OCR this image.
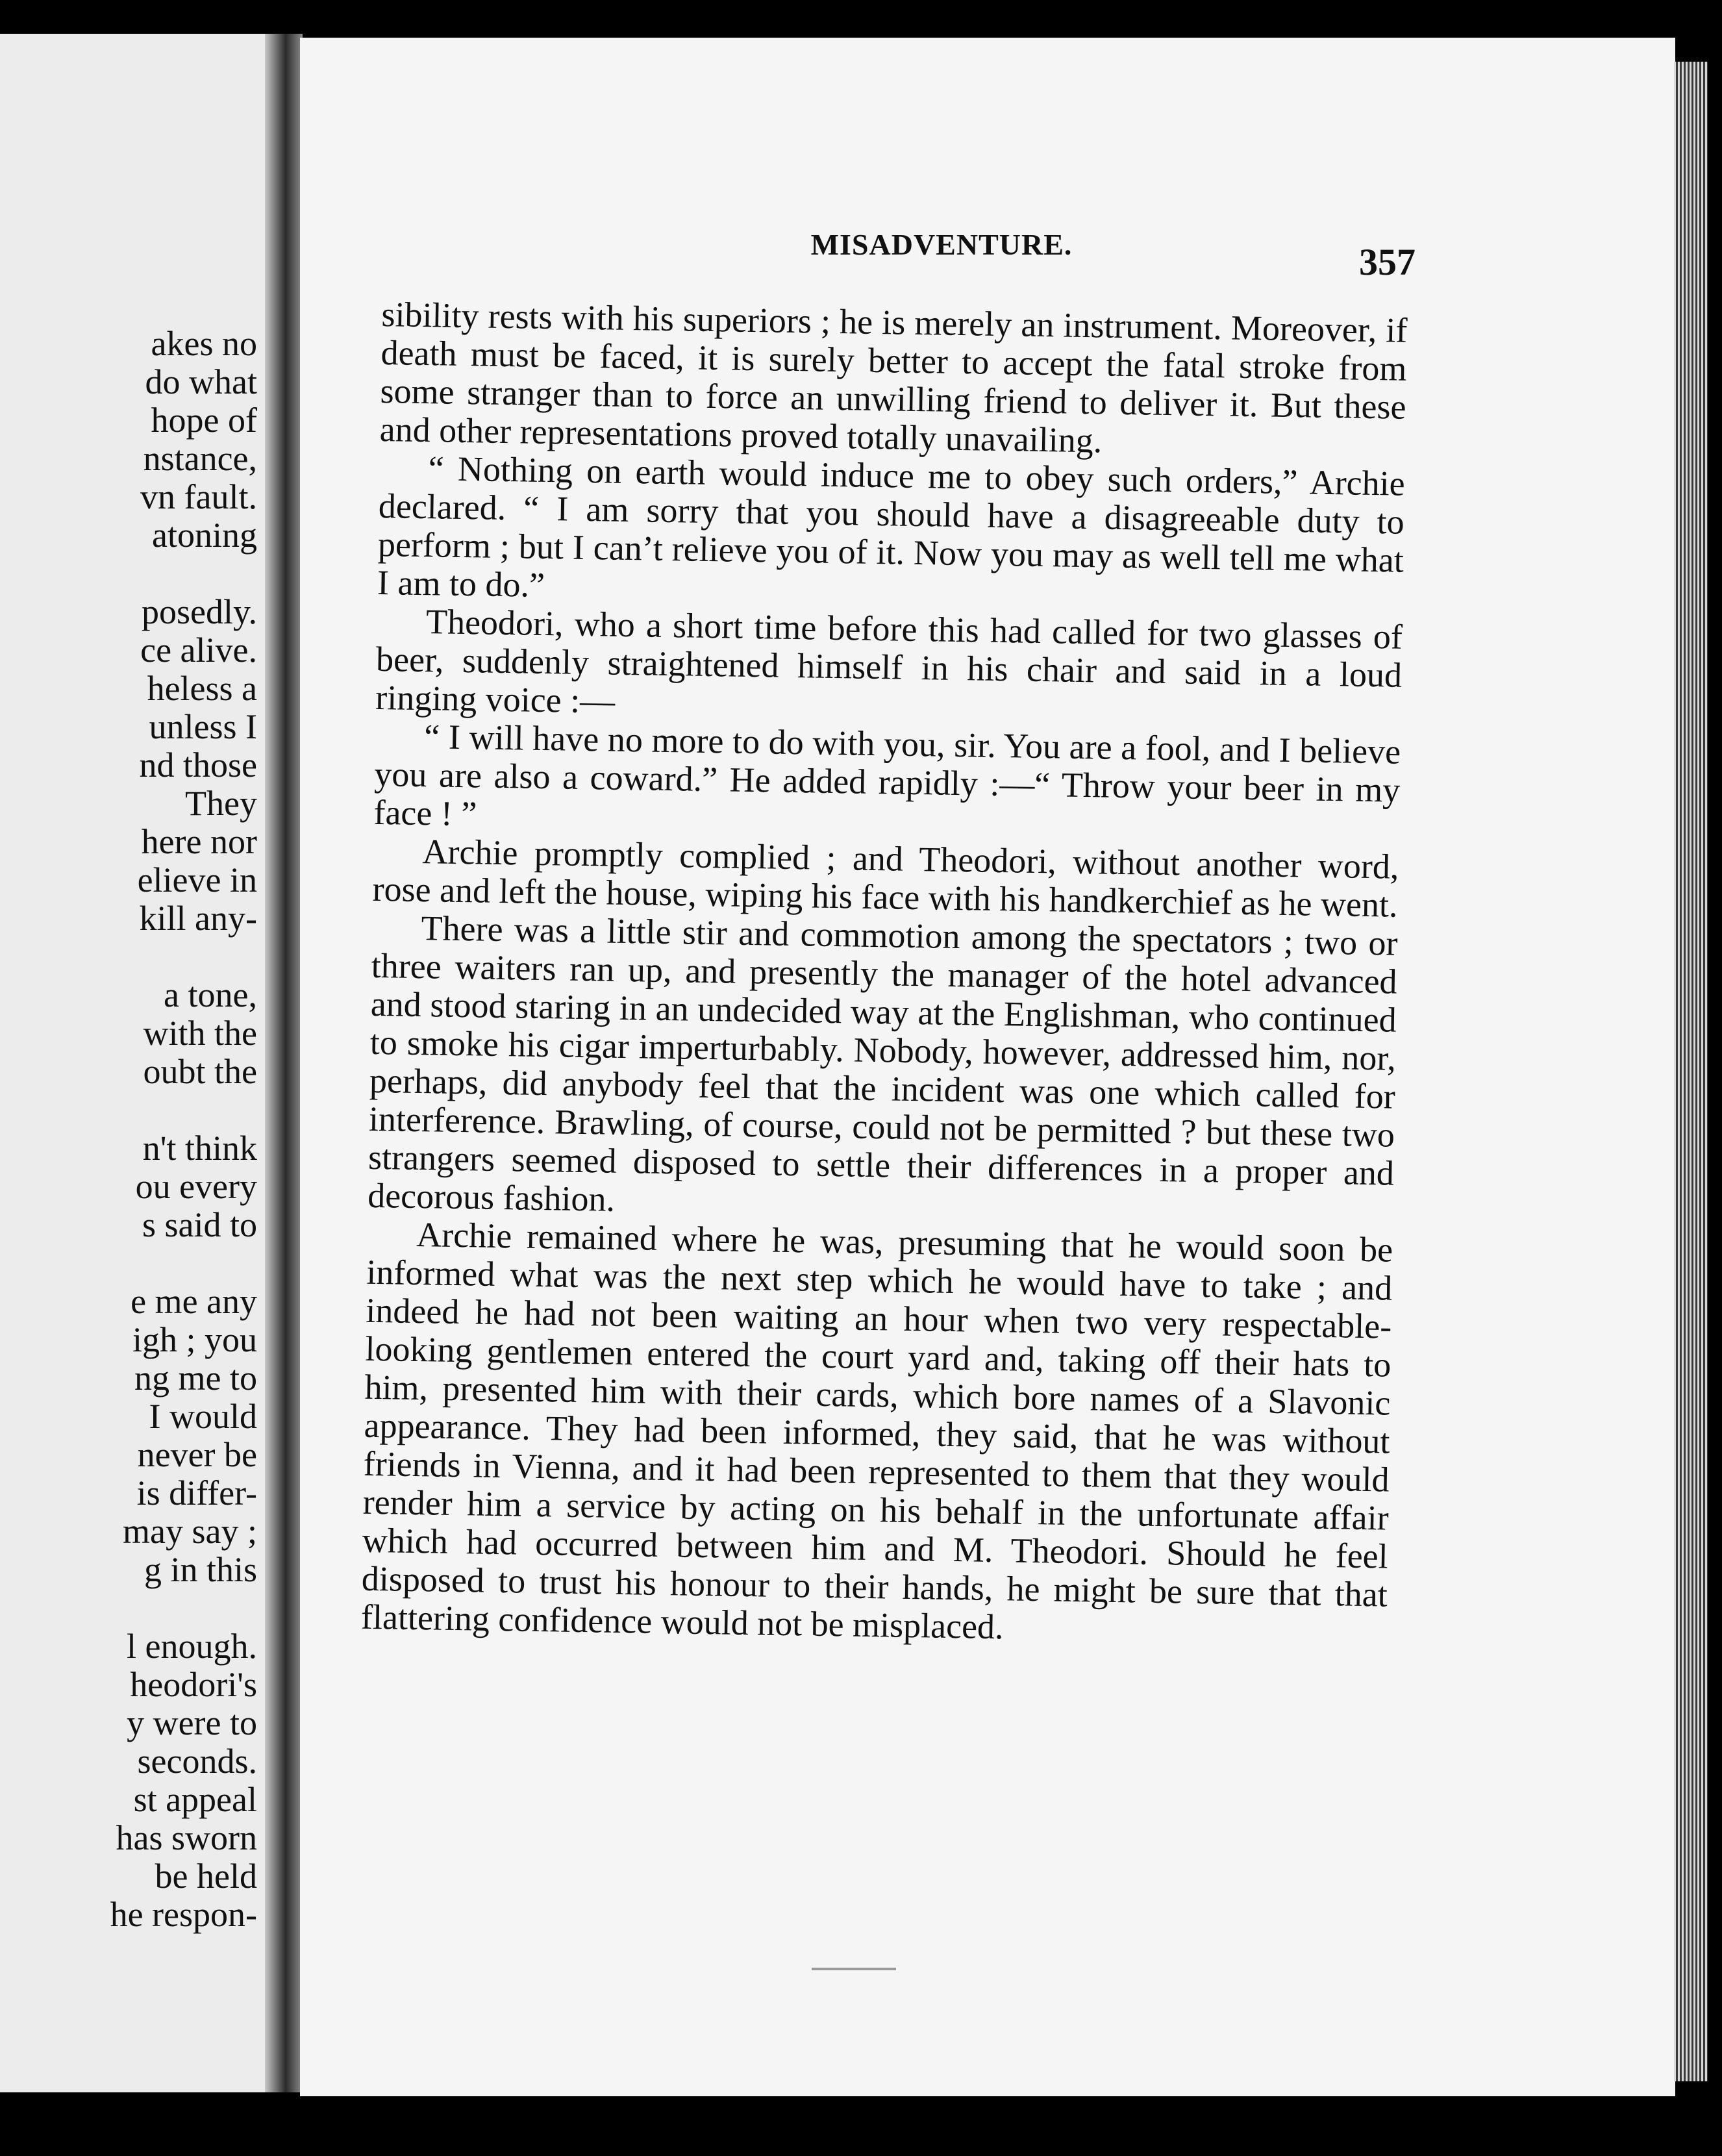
akes no
do what
hope of
nstance,
vn fault.
atoning
posedly.
ce alive.
heless a
unless I
nd those
They
here nor
elieve in
kill any-
a tone,
with the
oubt the
n't think
ou every
s said to
e me any
igh ; you
ng me to
I would
never be
is differ-
may say ;
g in this
l enough.
heodori's
y were to
seconds.
st appeal
has sworn
be held
he respon-
MISADVENTURE.	357

sibility rests with his superiors ; he is merely an instrument. Moreover, if death must be faced, it is surely better to accept the fatal stroke from some stranger than to force an unwilling friend to deliver it. But these and other representations proved totally unavailing.

“ Nothing on earth would induce me to obey such orders,” Archie declared. “ I am sorry that you should have a disagreeable duty to perform ; but I can’t relieve you of it. Now you may as well tell me what I am to do.”

Theodori, who a short time before this had called for two glasses of beer, suddenly straightened himself in his chair and said in a loud ringing voice :—

“ I will have no more to do with you, sir. You are a fool, and I believe you are also a coward.” He added rapidly :—“ Throw your beer in my face ! ”

Archie promptly complied ; and Theodori, without another word, rose and left the house, wiping his face with his handkerchief as he went.

There was a little stir and commotion among the spectators ; two or three waiters ran up, and presently the manager of the hotel advanced and stood staring in an undecided way at the Englishman, who continued to smoke his cigar imperturbably. Nobody, however, addressed him, nor, perhaps, did anybody feel that the incident was one which called for interference. Brawling, of course, could not be permitted ? but these two strangers seemed disposed to settle their differences in a proper and decorous fashion.

Archie remained where he was, presuming that he would soon be informed what was the next step which he would have to take ; and indeed he had not been waiting an hour when two very respectable-looking gentlemen entered the court yard and, taking off their hats to him, presented him with their cards, which bore names of a Slavonic appearance. They had been informed, they said, that he was without friends in Vienna, and it had been represented to them that they would render him a service by acting on his behalf in the unfortunate affair which had occurred between him and M. Theodori. Should he feel disposed to trust his honour to their hands, he might be sure that that flattering confidence would not be misplaced.
